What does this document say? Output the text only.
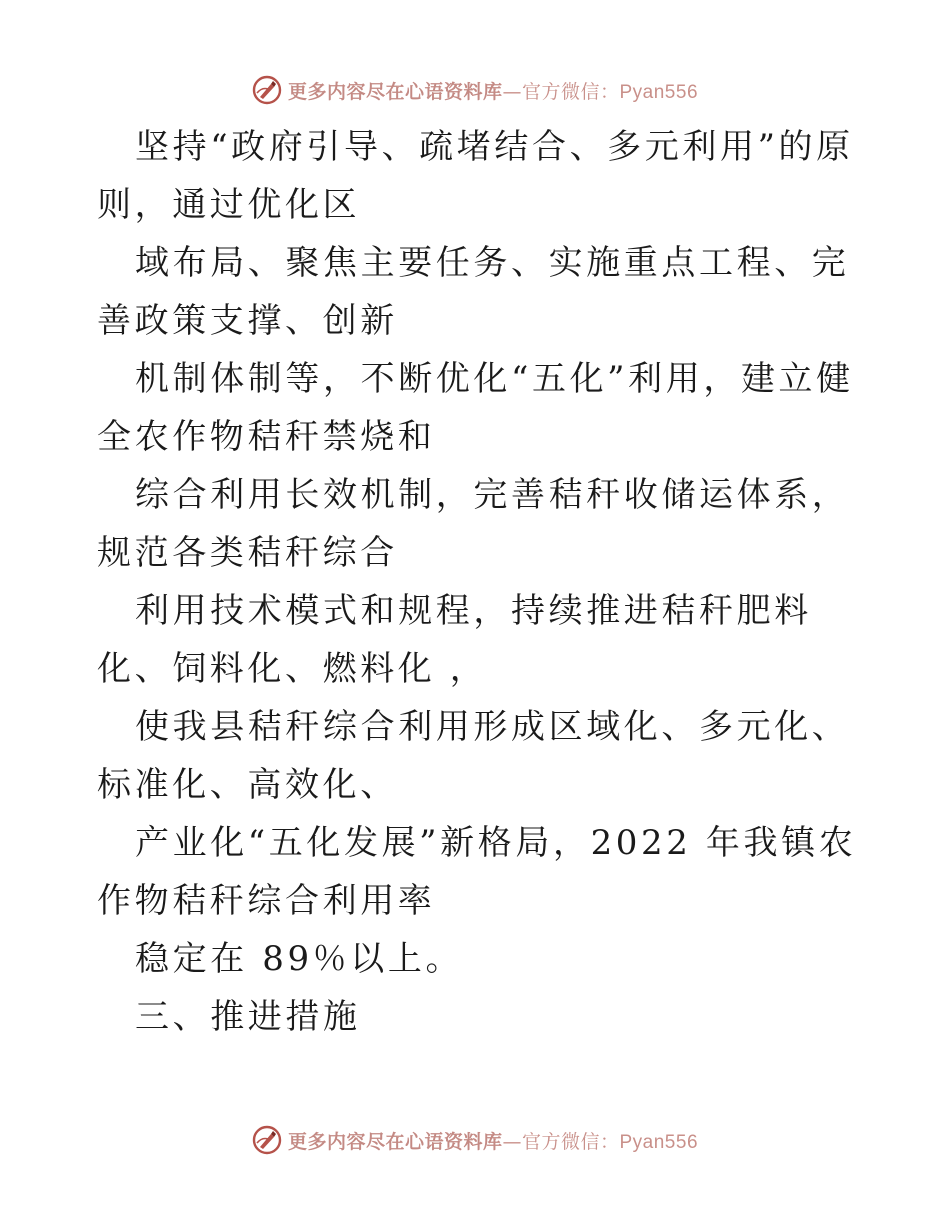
更多内容尽在心语资料库—官方微信：Pyan556

坚持“政府引导、疏堵结合、多元利用”的原则，通过优化区

域布局、聚焦主要任务、实施重点工程、完善政策支撑、创新

机制体制等，不断优化“五化”利用，建立健全农作物秸秆禁烧和

综合利用长效机制，完善秸秆收储运体系，规范各类秸秆综合

利用技术模式和规程，持续推进秸秆肥料化、饲料化、燃料化 ，

使我县秸秆综合利用形成区域化、多元化、标准化、高效化、

产业化“五化发展”新格局，2022 年我镇农作物秸秆综合利用率

稳定在 89％以上。

三、推进措施

更多内容尽在心语资料库—官方微信：Pyan556
